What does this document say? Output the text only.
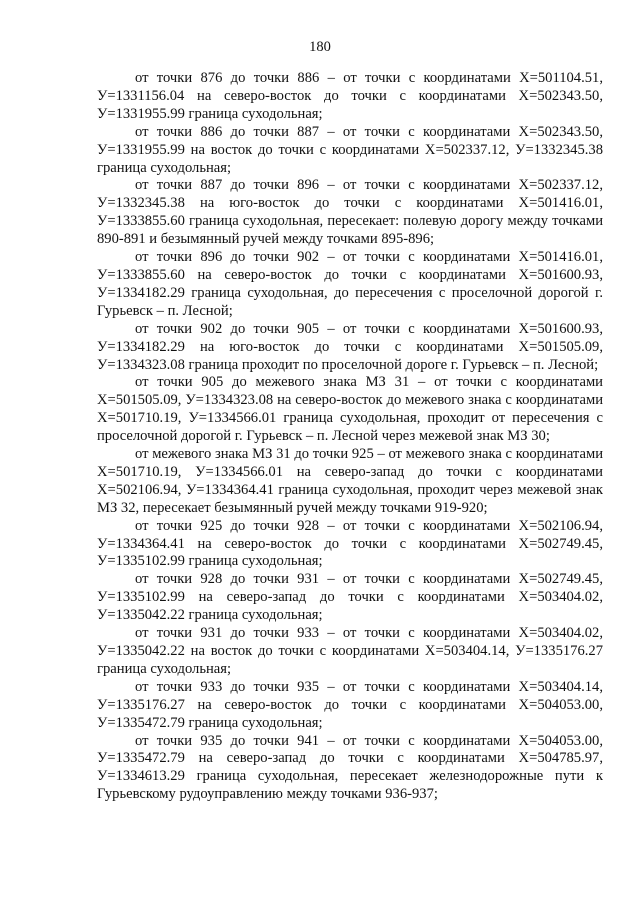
180

от точки 876 до точки 886 – от точки с координатами Х=501104.51, У=1331156.04 на северо-восток до точки с координатами Х=502343.50, У=1331955.99 граница суходольная;

от точки 886 до точки 887 – от точки с координатами Х=502343.50, У=1331955.99 на восток до точки с координатами Х=502337.12, У=1332345.38 граница суходольная;

от точки 887 до точки 896 – от точки с координатами Х=502337.12, У=1332345.38 на юго-восток до точки с координатами Х=501416.01, У=1333855.60 граница суходольная, пересекает: полевую дорогу между точками 890-891 и безымянный ручей между точками 895-896;

от точки 896 до точки 902 – от точки с координатами Х=501416.01, У=1333855.60 на северо-восток до точки с координатами Х=501600.93, У=1334182.29 граница суходольная, до пересечения с проселочной дорогой г. Гурьевск – п. Лесной;

от точки 902 до точки 905 – от точки с координатами Х=501600.93, У=1334182.29 на юго-восток до точки с координатами Х=501505.09, У=1334323.08 граница проходит по проселочной дороге г. Гурьевск – п. Лесной;

от точки 905 до межевого знака МЗ 31 – от точки с координатами Х=501505.09, У=1334323.08 на северо-восток до межевого знака с координатами Х=501710.19, У=1334566.01 граница суходольная, проходит от пересечения с проселочной дорогой г. Гурьевск – п. Лесной через межевой знак МЗ 30;

от межевого знака МЗ 31 до точки 925 – от межевого знака с координатами Х=501710.19, У=1334566.01 на северо-запад до точки с координатами Х=502106.94, У=1334364.41 граница суходольная, проходит через межевой знак МЗ 32, пересекает безымянный ручей между точками 919-920;

от точки 925 до точки 928 – от точки с координатами Х=502106.94, У=1334364.41 на северо-восток до точки с координатами Х=502749.45, У=1335102.99 граница суходольная;

от точки 928 до точки 931 – от точки с координатами Х=502749.45, У=1335102.99 на северо-запад до точки с координатами Х=503404.02, У=1335042.22 граница суходольная;

от точки 931 до точки 933 – от точки с координатами Х=503404.02, У=1335042.22 на восток до точки с координатами Х=503404.14, У=1335176.27 граница суходольная;

от точки 933 до точки 935 – от точки с координатами Х=503404.14, У=1335176.27 на северо-восток до точки с координатами Х=504053.00, У=1335472.79 граница суходольная;

от точки 935 до точки 941 – от точки с координатами Х=504053.00, У=1335472.79 на северо-запад до точки с координатами Х=504785.97, У=1334613.29 граница суходольная, пересекает железнодорожные пути к Гурьевскому рудоуправлению между точками 936-937;
